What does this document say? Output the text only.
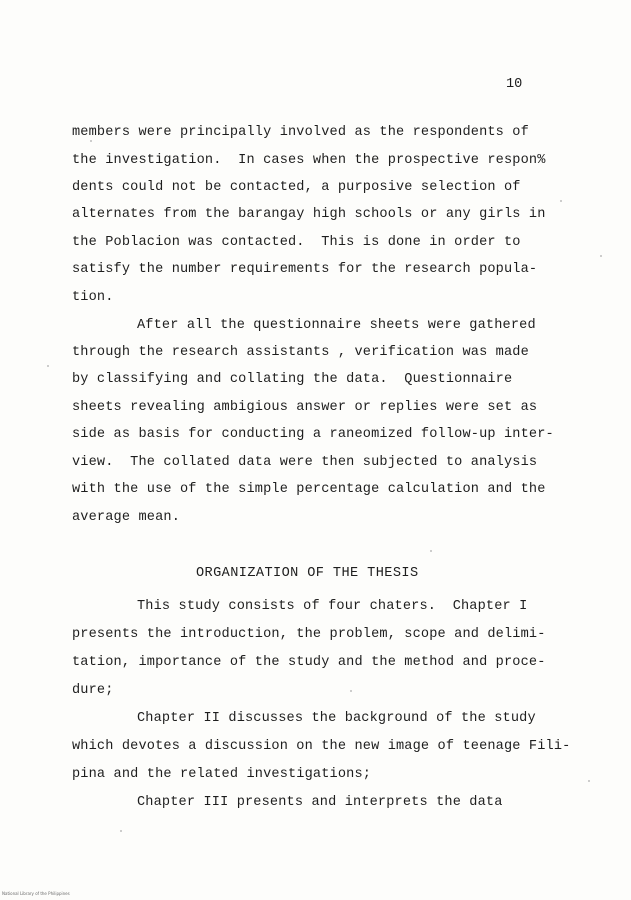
10
members were principally involved as the respondents of
the investigation.  In cases when the prospective respon%
dents could not be contacted, a purposive selection of
alternates from the barangay high schools or any girls in
the Poblacion was contacted.  This is done in order to
satisfy the number requirements for the research popula-
tion.
After all the questionnaire sheets were gathered
through the research assistants , verification was made
by classifying and collating the data.  Questionnaire
sheets revealing ambigious answer or replies were set as
side as basis for conducting a raneomized follow-up inter-
view.  The collated data were then subjected to analysis
with the use of the simple percentage calculation and the
average mean.
ORGANIZATION OF THE THESIS
This study consists of four chaters.  Chapter I
presents the introduction, the problem, scope and delimi-
tation, importance of the study and the method and proce-
dure;
Chapter II discusses the background of the study
which devotes a discussion on the new image of teenage Fili-
pina and the related investigations;
Chapter III presents and interprets the data
National Library of the Philippines
